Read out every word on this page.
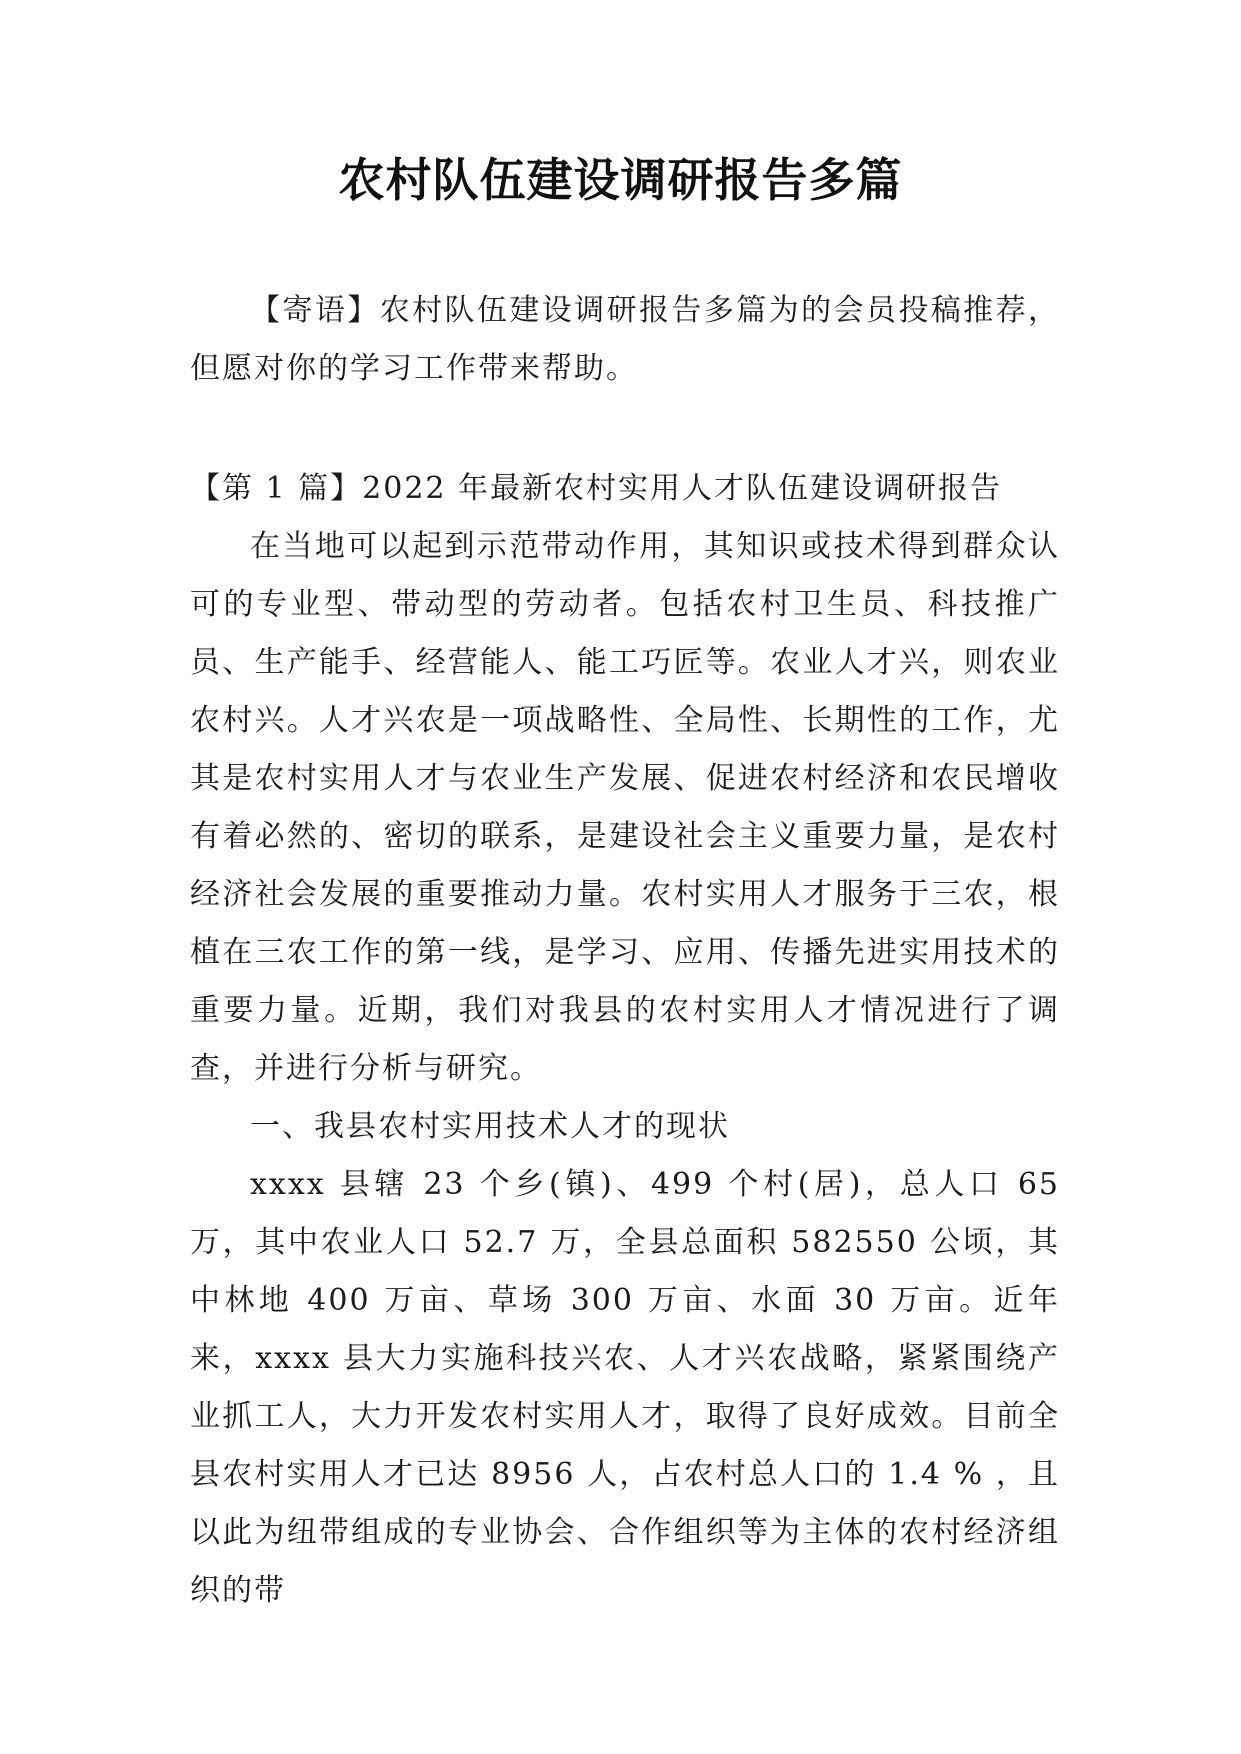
农村队伍建设调研报告多篇

【寄语】农村队伍建设调研报告多篇为的会员投稿推荐，但愿对你的学习工作带来帮助。

【第 1 篇】2022 年最新农村实用人才队伍建设调研报告

在当地可以起到示范带动作用，其知识或技术得到群众认可的专业型、带动型的劳动者。包括农村卫生员、科技推广员、生产能手、经营能人、能工巧匠等。农业人才兴，则农业农村兴。人才兴农是一项战略性、全局性、长期性的工作，尤其是农村实用人才与农业生产发展、促进农村经济和农民增收有着必然的、密切的联系，是建设社会主义重要力量，是农村经济社会发展的重要推动力量。农村实用人才服务于三农，根植在三农工作的第一线，是学习、应用、传播先进实用技术的重要力量。近期，我们对我县的农村实用人才情况进行了调查，并进行分析与研究。

一、我县农村实用技术人才的现状

xxxx 县辖 23 个乡(镇)、499 个村(居)，总人口 65 万，其中农业人口 52.7 万，全县总面积 582550 公顷，其中林地 400 万亩、草场 300 万亩、水面 30 万亩。近年来，xxxx 县大力实施科技兴农、人才兴农战略，紧紧围绕产业抓工人，大力开发农村实用人才，取得了良好成效。目前全县农村实用人才已达 8956 人，占农村总人口的 1.4 % ，且以此为纽带组成的专业协会、合作组织等为主体的农村经济组织的带
